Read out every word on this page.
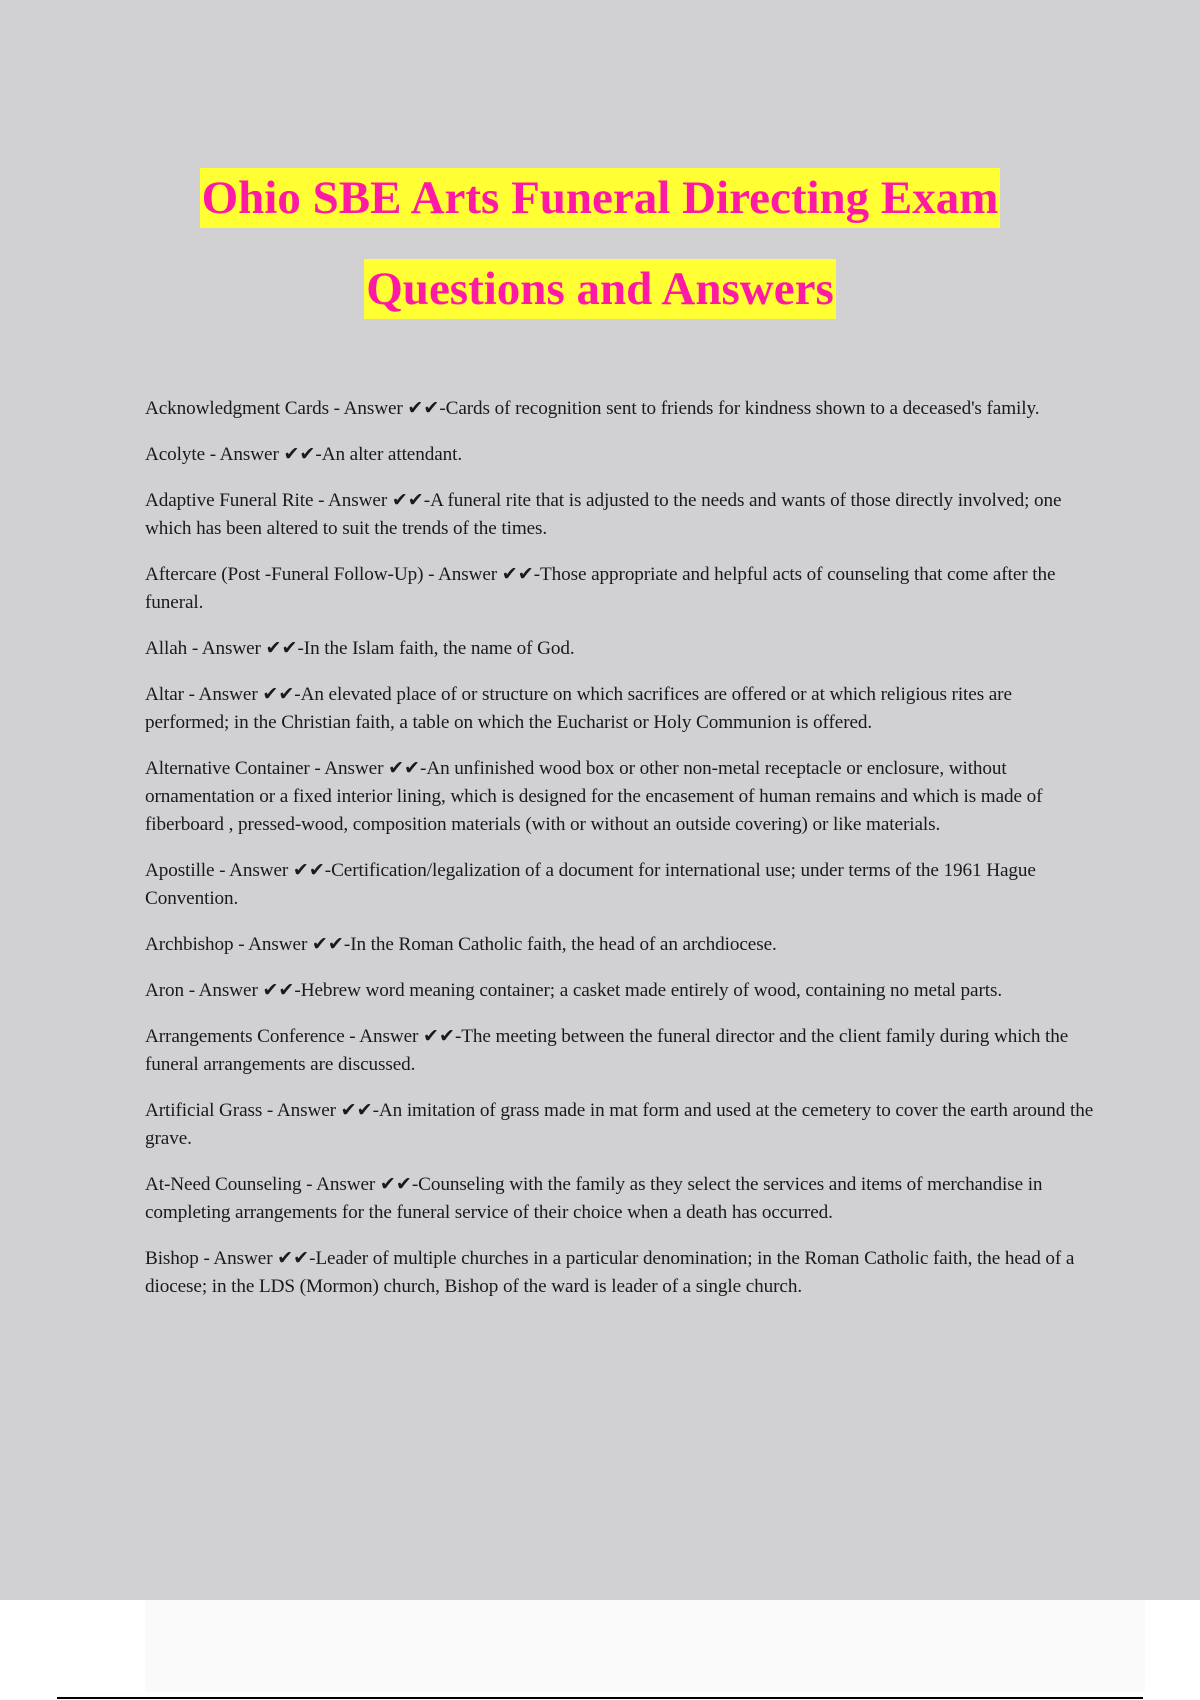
Ohio SBE Arts Funeral Directing Exam
Questions and Answers

Acknowledgment Cards - Answer ✔✔-Cards of recognition sent to friends for kindness shown to a deceased's family.

Acolyte - Answer ✔✔-An alter attendant.

Adaptive Funeral Rite - Answer ✔✔-A funeral rite that is adjusted to the needs and wants of those directly involved; one which has been altered to suit the trends of the times.

Aftercare (Post -Funeral Follow-Up) - Answer ✔✔-Those appropriate and helpful acts of counseling that come after the funeral.

Allah - Answer ✔✔-In the Islam faith, the name of God.

Altar - Answer ✔✔-An elevated place of or structure on which sacrifices are offered or at which religious rites are performed; in the Christian faith, a table on which the Eucharist or Holy Communion is offered.

Alternative Container - Answer ✔✔-An unfinished wood box or other non-metal receptacle or enclosure, without ornamentation or a fixed interior lining, which is designed for the encasement of human remains and which is made of fiberboard , pressed-wood, composition materials (with or without an outside covering) or like materials.

Apostille - Answer ✔✔-Certification/legalization of a document for international use; under terms of the 1961 Hague Convention.

Archbishop - Answer ✔✔-In the Roman Catholic faith, the head of an archdiocese.

Aron - Answer ✔✔-Hebrew word meaning container; a casket made entirely of wood, containing no metal parts.

Arrangements Conference - Answer ✔✔-The meeting between the funeral director and the client family during which the funeral arrangements are discussed.

Artificial Grass - Answer ✔✔-An imitation of grass made in mat form and used at the cemetery to cover the earth around the grave.

At-Need Counseling - Answer ✔✔-Counseling with the family as they select the services and items of merchandise in completing arrangements for the funeral service of their choice when a death has occurred.

Bishop - Answer ✔✔-Leader of multiple churches in a particular denomination; in the Roman Catholic faith, the head of a diocese; in the LDS (Mormon) church, Bishop of the ward is leader of a single church.
